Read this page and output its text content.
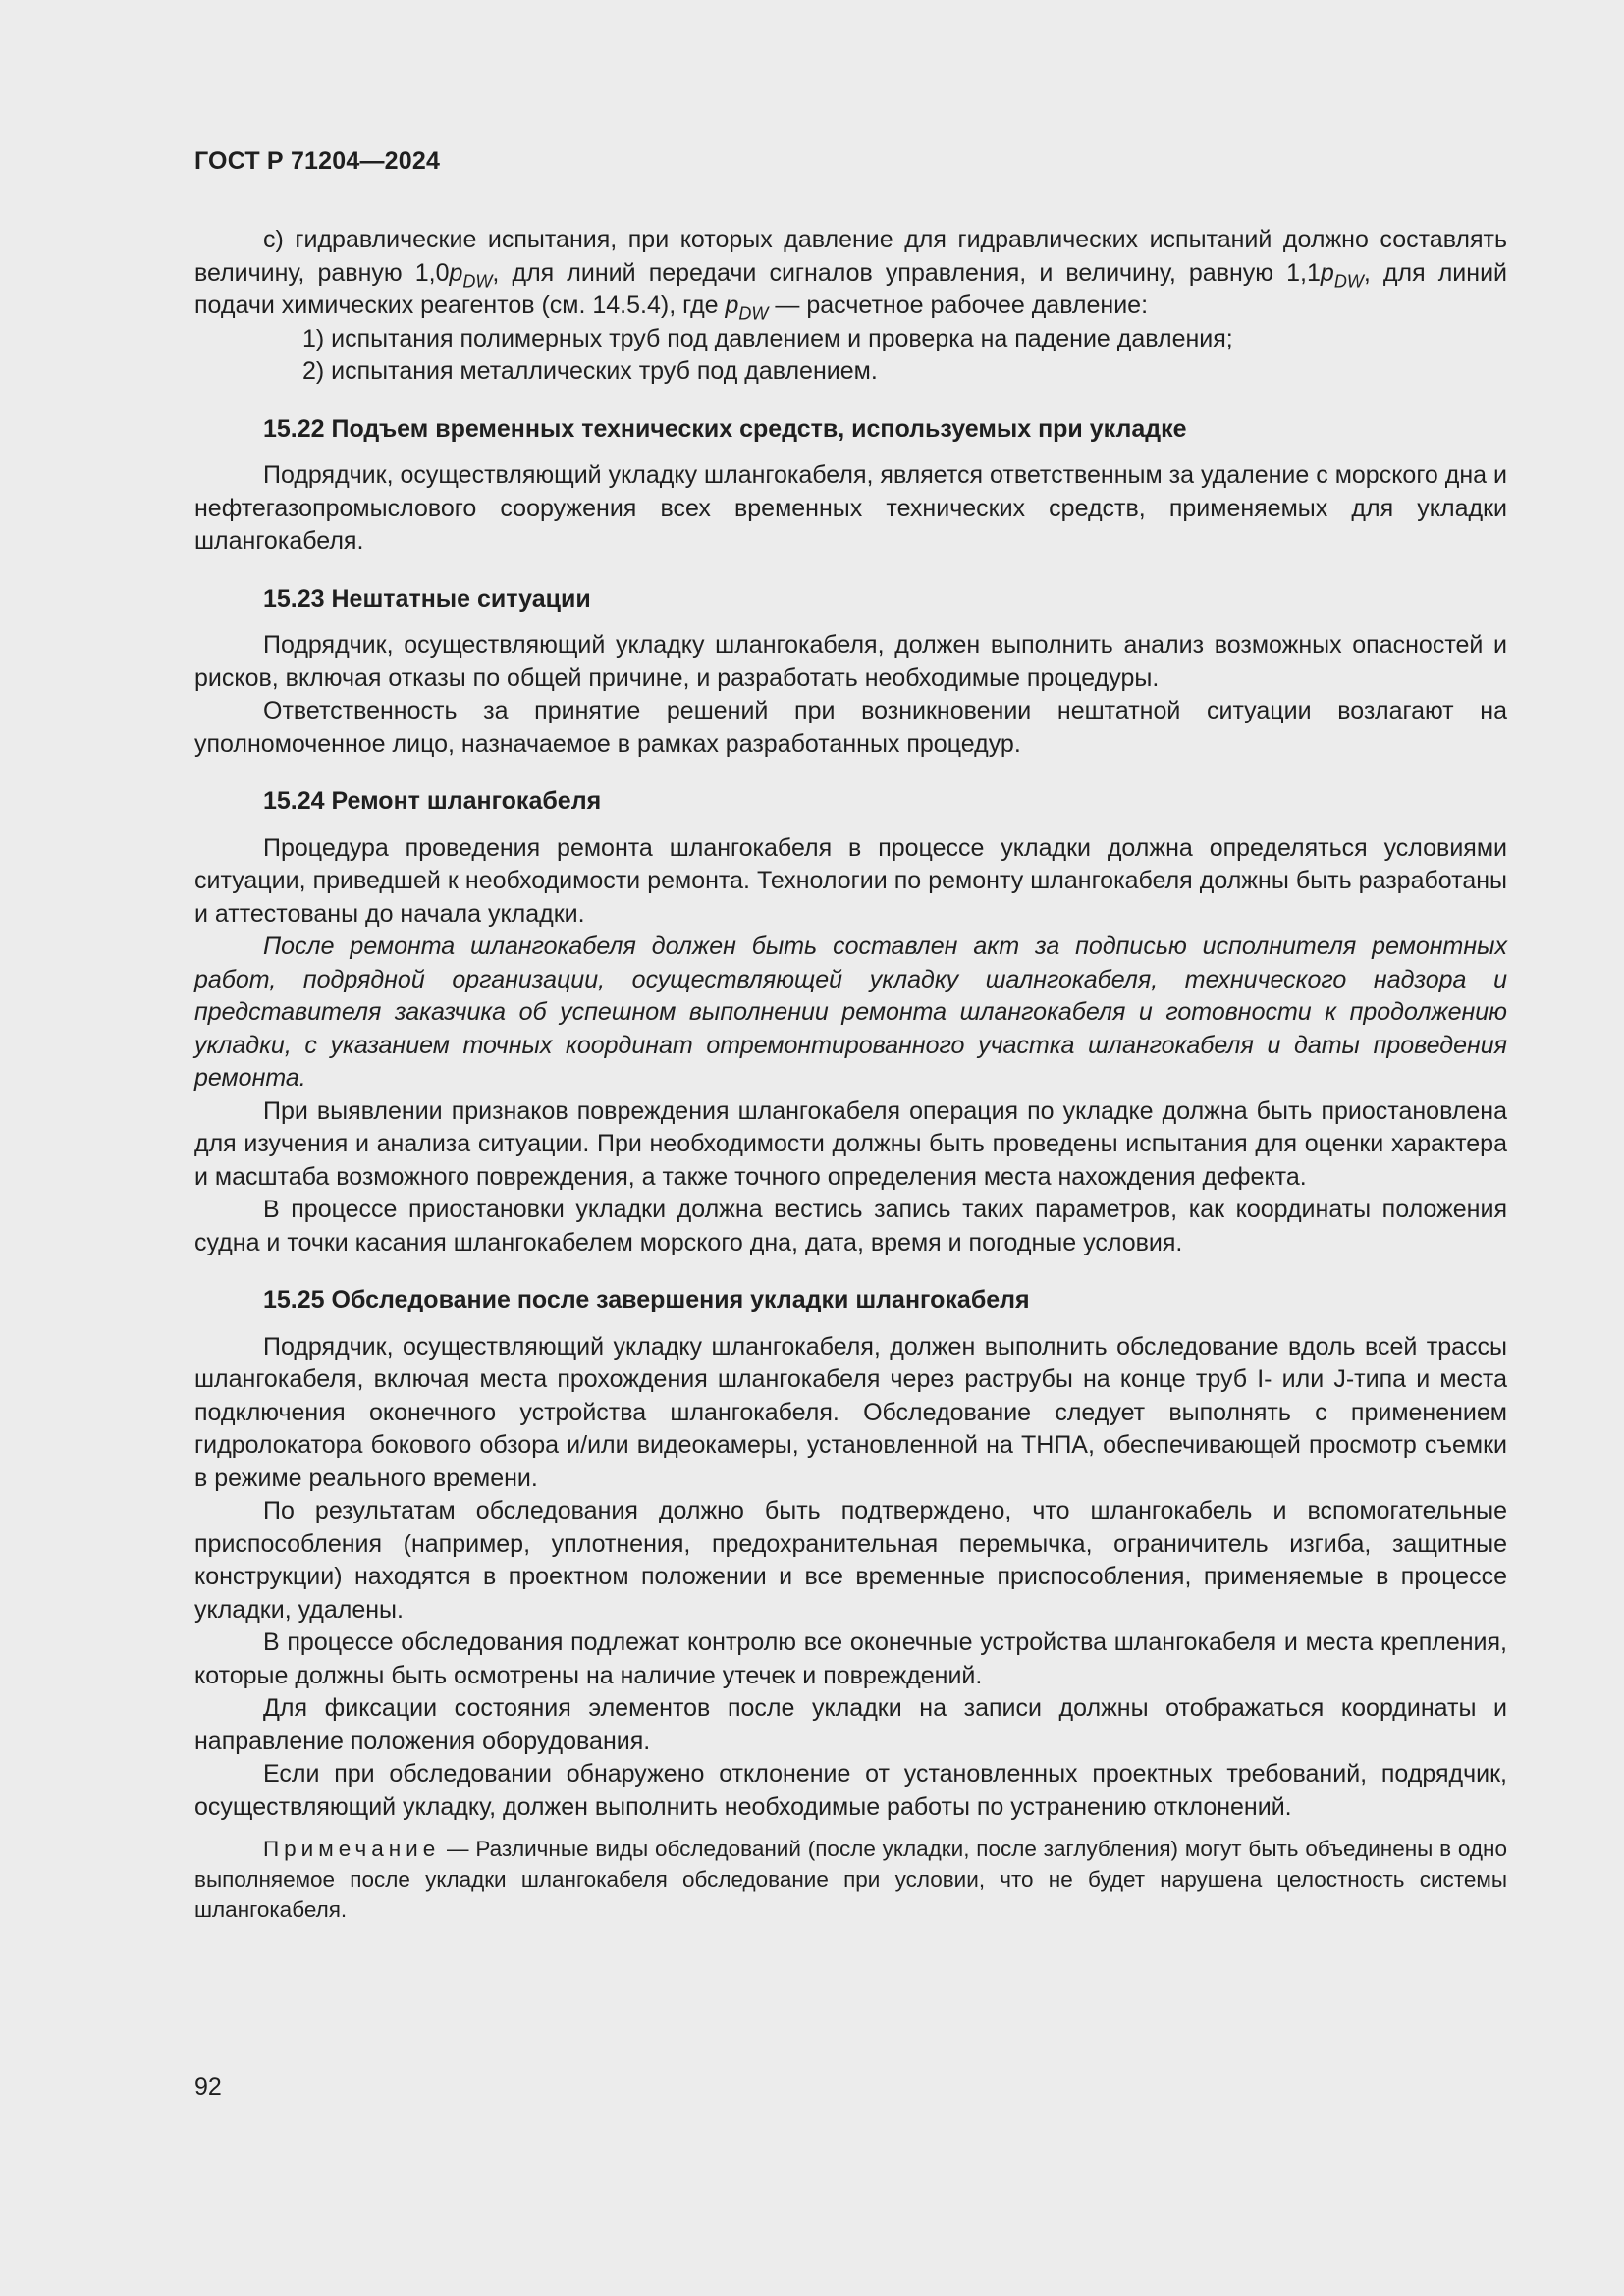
ГОСТ Р 71204—2024

с) гидравлические испытания, при которых давление для гидравлических испытаний должно составлять величину, равную $1,0p_{DW}$, для линий передачи сигналов управления, и величину, равную $1,1p_{DW}$, для линий подачи химических реагентов (см. 14.5.4), где $p_{DW}$ — расчетное рабочее давление:

1) испытания полимерных труб под давлением и проверка на падение давления;

2) испытания металлических труб под давлением.

15.22 Подъем временных технических средств, используемых при укладке

Подрядчик, осуществляющий укладку шлангокабеля, является ответственным за удаление с морского дна и нефтегазопромыслового сооружения всех временных технических средств, применяемых для укладки шлангокабеля.

15.23 Нештатные ситуации

Подрядчик, осуществляющий укладку шлангокабеля, должен выполнить анализ возможных опасностей и рисков, включая отказы по общей причине, и разработать необходимые процедуры.

Ответственность за принятие решений при возникновении нештатной ситуации возлагают на уполномоченное лицо, назначаемое в рамках разработанных процедур.

15.24 Ремонт шлангокабеля

Процедура проведения ремонта шлангокабеля в процессе укладки должна определяться условиями ситуации, приведшей к необходимости ремонта. Технологии по ремонту шлангокабеля должны быть разработаны и аттестованы до начала укладки.

После ремонта шлангокабеля должен быть составлен акт за подписью исполнителя ремонтных работ, подрядной организации, осуществляющей укладку шалнгокабеля, технического надзора и представителя заказчика об успешном выполнении ремонта шлангокабеля и готовности к продолжению укладки, с указанием точных координат отремонтированного участка шлангокабеля и даты проведения ремонта.

При выявлении признаков повреждения шлангокабеля операция по укладке должна быть приостановлена для изучения и анализа ситуации. При необходимости должны быть проведены испытания для оценки характера и масштаба возможного повреждения, а также точного определения места нахождения дефекта.

В процессе приостановки укладки должна вестись запись таких параметров, как координаты положения судна и точки касания шлангокабелем морского дна, дата, время и погодные условия.

15.25 Обследование после завершения укладки шлангокабеля

Подрядчик, осуществляющий укладку шлангокабеля, должен выполнить обследование вдоль всей трассы шлангокабеля, включая места прохождения шлангокабеля через раструбы на конце труб I- или J-типа и места подключения оконечного устройства шлангокабеля. Обследование следует выполнять с применением гидролокатора бокового обзора и/или видеокамеры, установленной на ТНПА, обеспечивающей просмотр съемки в режиме реального времени.

По результатам обследования должно быть подтверждено, что шлангокабель и вспомогательные приспособления (например, уплотнения, предохранительная перемычка, ограничитель изгиба, защитные конструкции) находятся в проектном положении и все временные приспособления, применяемые в процессе укладки, удалены.

В процессе обследования подлежат контролю все оконечные устройства шлангокабеля и места крепления, которые должны быть осмотрены на наличие утечек и повреждений.

Для фиксации состояния элементов после укладки на записи должны отображаться координаты и направление положения оборудования.

Если при обследовании обнаружено отклонение от установленных проектных требований, подрядчик, осуществляющий укладку, должен выполнить необходимые работы по устранению отклонений.

Примечание — Различные виды обследований (после укладки, после заглубления) могут быть объединены в одно выполняемое после укладки шлангокабеля обследование при условии, что не будет нарушена целостность системы шлангокабеля.

92
